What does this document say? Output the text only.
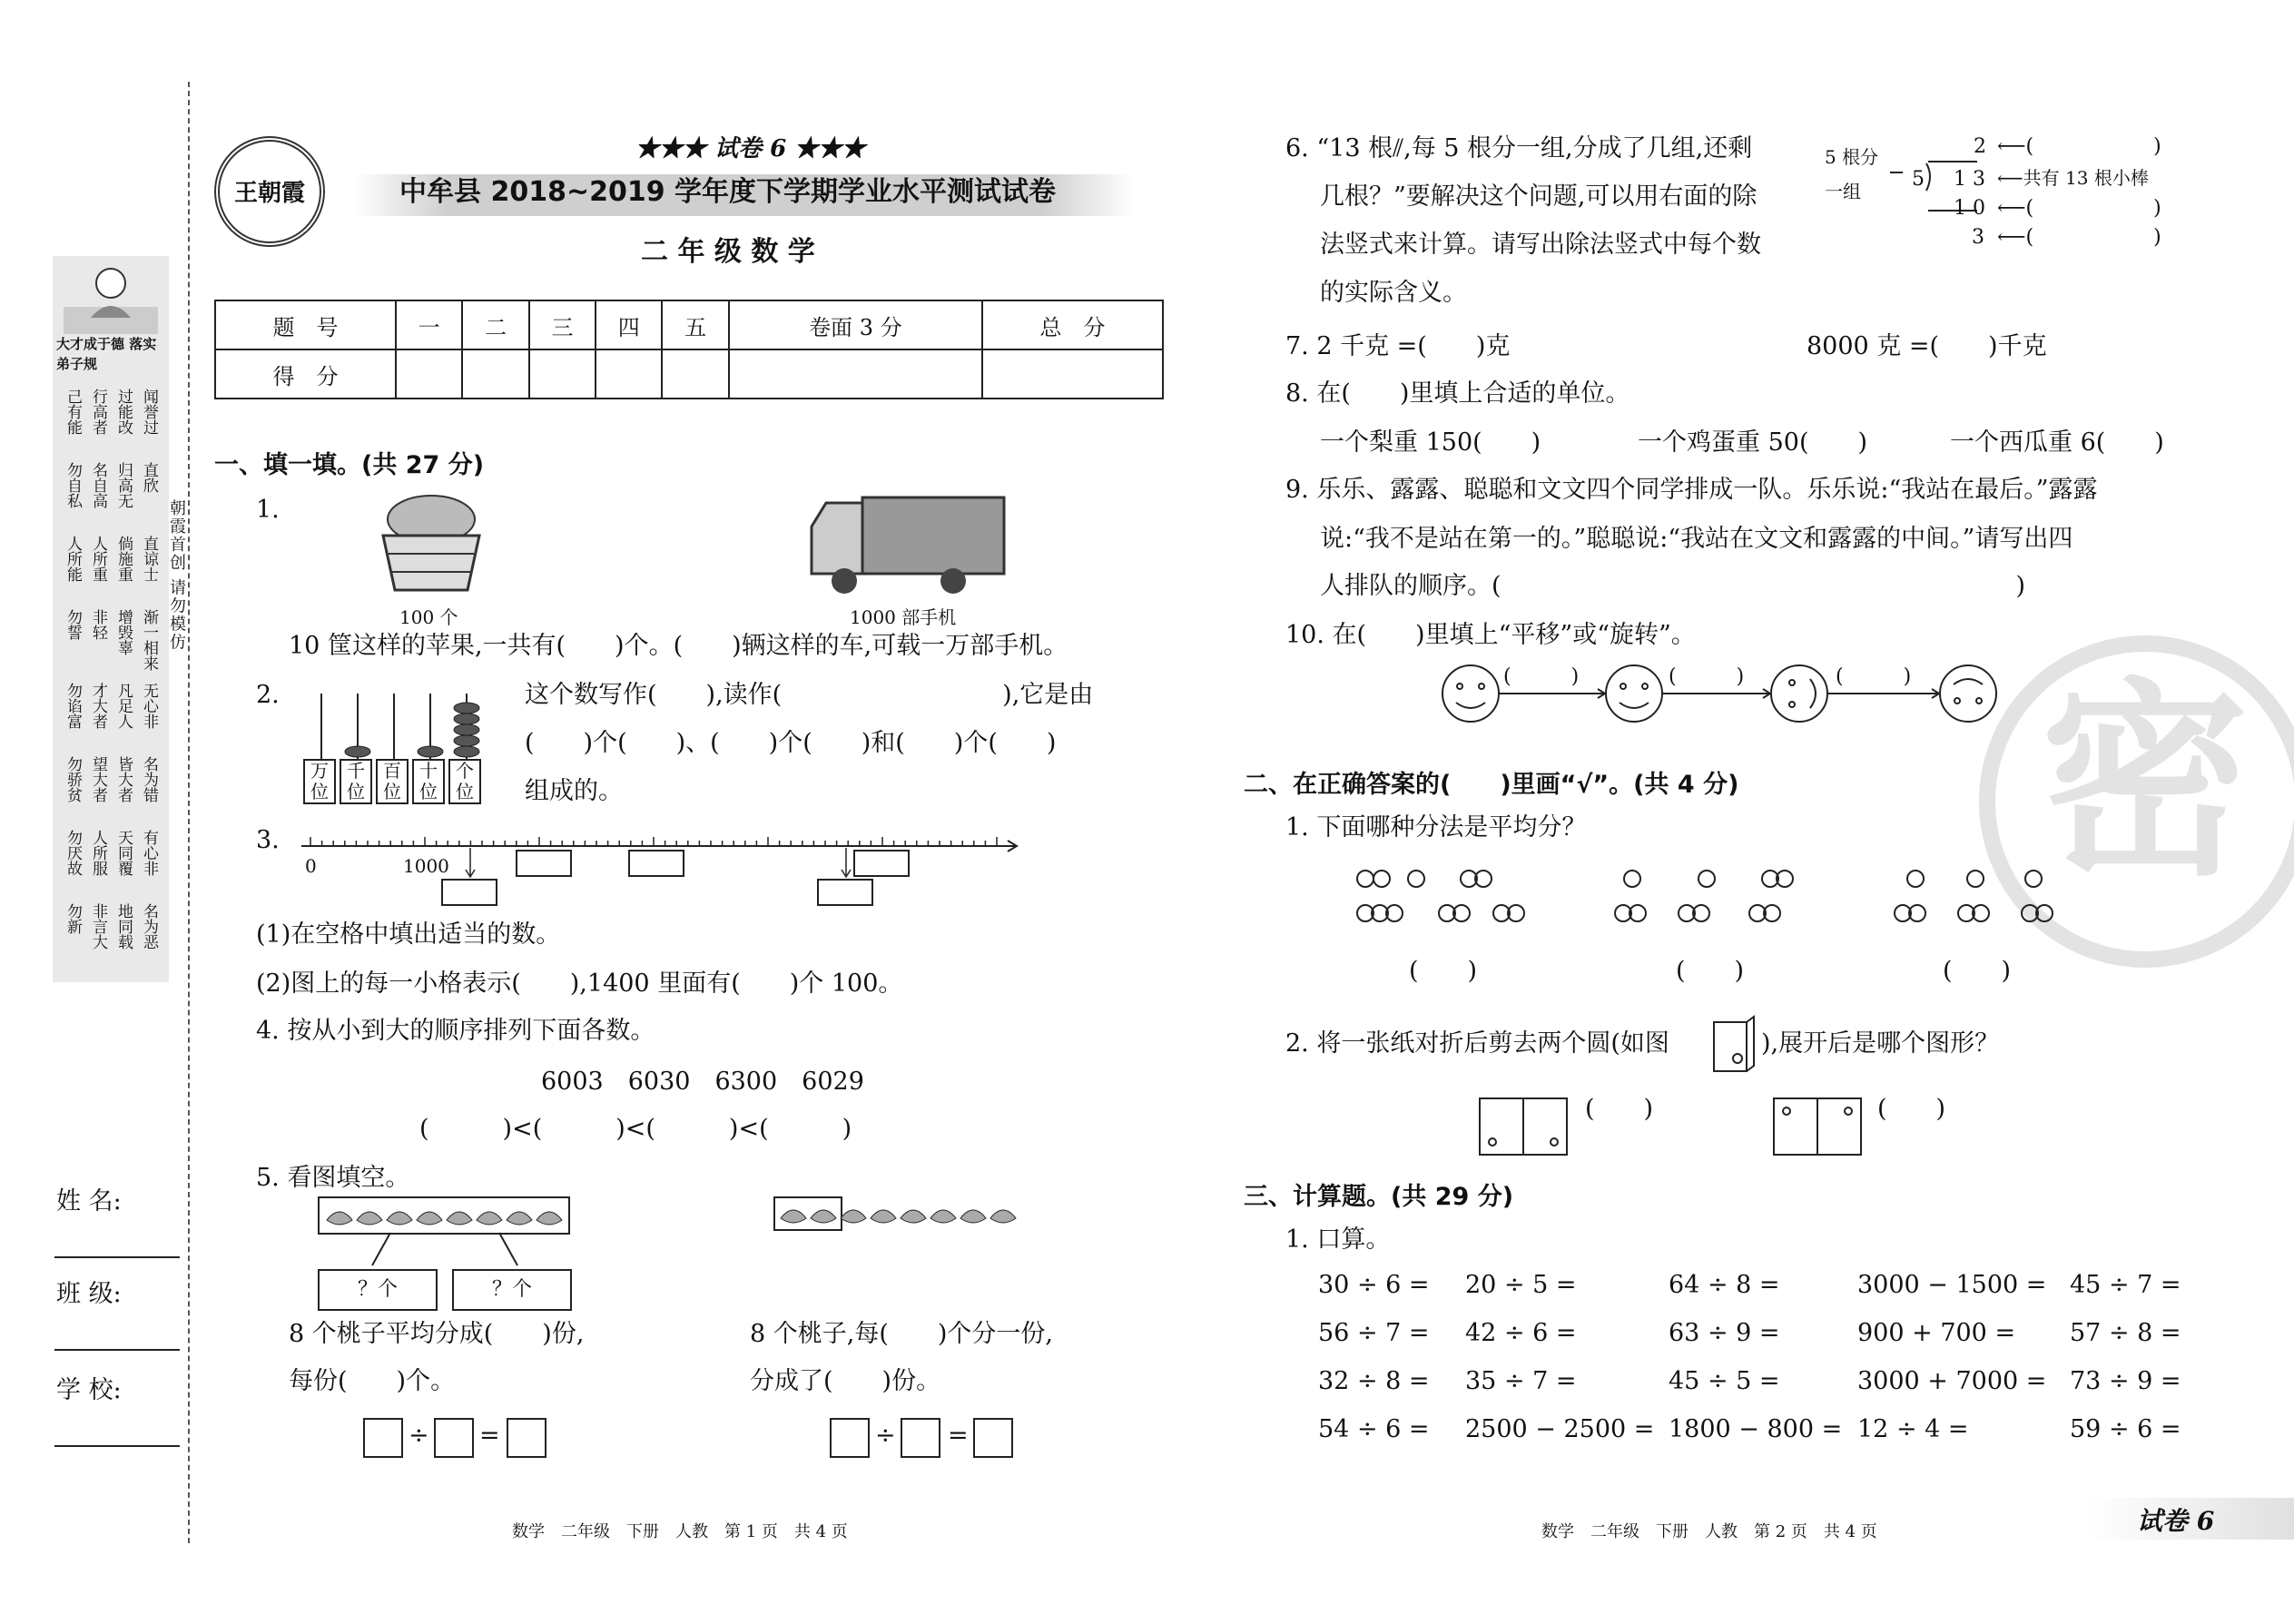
大才成于德 落实弟子规
己有能 行高者 过能改 闻誉过
勿自私 名自高 归高无 直欣
人所能 人所重 倘施重 直谅士
勿誓 非轻 增毁辜 渐一相来
勿谄富 才大者 凡足人 无心非
勿骄贫 望大者 皆大者 名为错
勿厌故 人所服 天同覆 有心非
勿新 非言大 地同载 名为恶
朝霞首创 请勿模仿
姓 名:
班 级:
学 校:
王朝霞
★★★ 试卷 6 ★★★
中牟县 2018~2019 学年度下学期学业水平测试试卷
二 年 级 数 学
题　号	一	二	三	四	五	卷面 3 分	总　分
得　分							
一、填一填。(共 27 分)
1.
100 个	1000 部手机
10 筐这样的苹果,一共有(　　)个。(　　)辆这样的车,可载一万部手机。
2.
万位
千位
百位
十位
个位
这个数写作(　　),读作(　　　　　　　　　),它是由
(　　)个(　　)、(　　)个(　　)和(　　)个(　　)
组成的。
3.
0	1000
(1)在空格中填出适当的数。
(2)图上的每一小格表示(　　),1400 里面有(　　)个 100。
4. 按从小到大的顺序排列下面各数。
6003　 6030　 6300　 6029
(　　　)<(　　　)<(　　　)<(　　　)
5. 看图填空。
？个	？个
8 个桃子平均分成(　　)份,
每份(　　)个。
8 个桃子,每(　　)个分一份,
分成了(　　)份。
÷ =	÷ =
数学　二年级　下册　人教　第 1 页　共 4 页
密
6. “13 根⫽,每 5 根分一组,分成了几组,还剩
几根？”要解决这个问题,可以用右面的除
法竖式来计算。请写出除法竖式中每个数
的实际含义。
5 根分一组
2
5 1 3
1 0
3
⟵(　　　　　　)
⟵共有 13 根小棒
⟵(　　　　　　)
⟵(　　　　　　)
7. 2 千克 =(　　)克	8000 克 =(　　)千克
8. 在(　　)里填上合适的单位。
一个梨重 150(　　)	一个鸡蛋重 50(　　)	一个西瓜重 6(　　)
9. 乐乐、露露、聪聪和文文四个同学排成一队。乐乐说:“我站在最后。”露露
说:“我不是站在第一的。”聪聪说:“我站在文文和露露的中间。”请写出四
人排队的顺序。(　　　　　　　　　　　　　　　　　　　　　)
10. 在(　　)里填上“平移”或“旋转”。
(　　　)	(　　　)	(　　　)
二、在正确答案的(　　)里画“√”。(共 4 分)
1. 下面哪种分法是平均分？
(　　)	(　　)	(　　)
2. 将一张纸对折后剪去两个圆(如图	),展开后是哪个图形？
(　　)	(　　)
三、计算题。(共 29 分)
1. 口算。
30 ÷ 6 = 20 ÷ 5 =	64 ÷ 8 =	3000 − 1500 = 45 ÷ 7 =
56 ÷ 7 = 42 ÷ 6 =	63 ÷ 9 =	900 + 700 = 57 ÷ 8 =
32 ÷ 8 = 35 ÷ 7 =	45 ÷ 5 =	3000 + 7000 = 73 ÷ 9 =
54 ÷ 6 = 2500 − 2500 = 1800 − 800 = 12 ÷ 4 =	59 ÷ 6 =
数学　二年级　下册　人教　第 2 页　共 4 页	试卷 6
